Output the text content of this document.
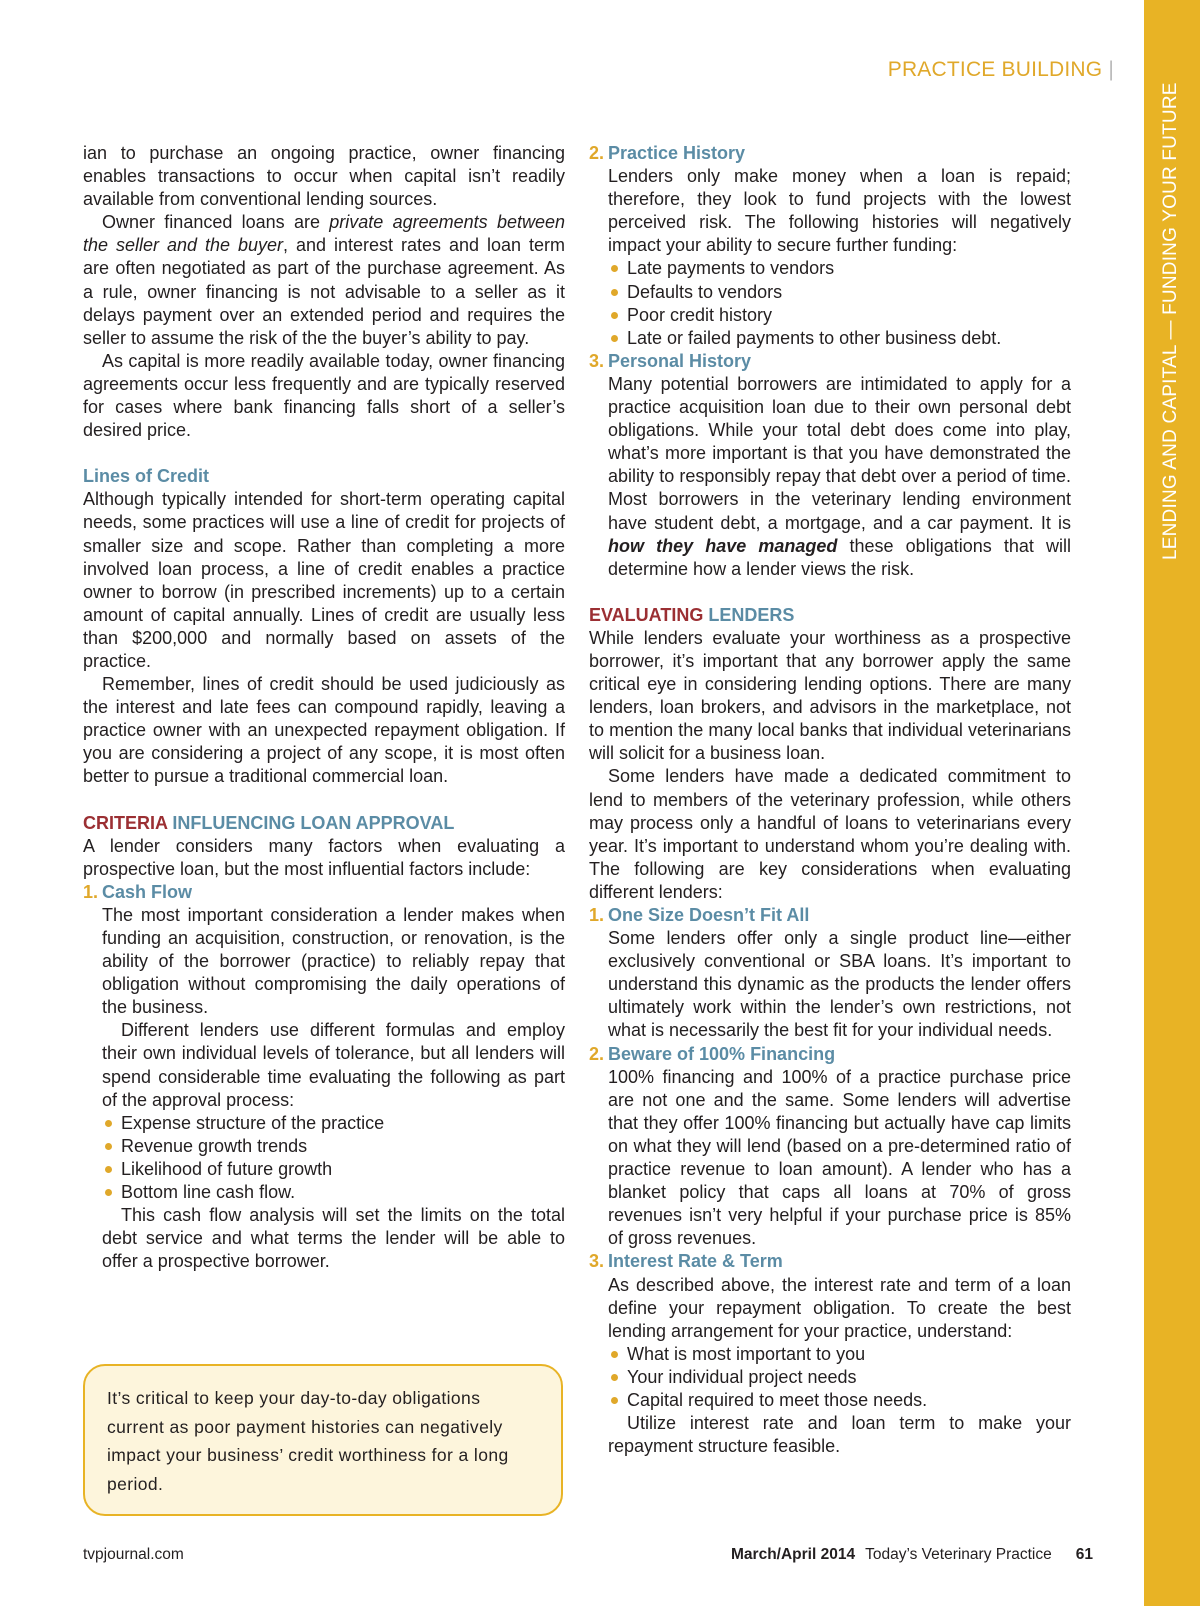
LENDING AND CAPITAL — FUNDING YOUR FUTURE
PRACTICE BUILDING |

ian to purchase an ongoing practice, owner financing enables transactions to occur when capital isn’t readily available from conventional lending sources.

Owner financed loans are private agreements between the seller and the buyer, and interest rates and loan term are often negotiated as part of the purchase agreement. As a rule, owner financing is not advisable to a seller as it delays payment over an extended period and requires the seller to assume the risk of the the buyer’s ability to pay.

As capital is more readily available today, owner financing agreements occur less frequently and are typically reserved for cases where bank financing falls short of a seller’s desired price.

Lines of Credit

Although typically intended for short-term operating capital needs, some practices will use a line of credit for projects of smaller size and scope. Rather than completing a more involved loan process, a line of credit enables a practice owner to borrow (in prescribed increments) up to a certain amount of capital annually. Lines of credit are usually less than $200,000 and normally based on assets of the practice.

Remember, lines of credit should be used judiciously as the interest and late fees can compound rapidly, leaving a practice owner with an unexpected repayment obligation. If you are considering a project of any scope, it is most often better to pursue a traditional commercial loan.

CRITERIA INFLUENCING LOAN APPROVAL

A lender considers many factors when evaluating a prospective loan, but the most influential factors include:

1. Cash Flow

The most important consideration a lender makes when funding an acquisition, construction, or renovation, is the ability of the borrower (practice) to reliably repay that obligation without compromising the daily operations of the business.

Different lenders use different formulas and employ their own individual levels of tolerance, but all lenders will spend considerable time evaluating the following as part of the approval process:

Expense structure of the practice
Revenue growth trends
Likelihood of future growth
Bottom line cash flow.

This cash flow analysis will set the limits on the total debt service and what terms the lender will be able to offer a prospective borrower.

It’s critical to keep your day-to-day obligations current as poor payment histories can negatively impact your business’ credit worthiness for a long period.
2. Practice History

Lenders only make money when a loan is repaid; therefore, they look to fund projects with the lowest perceived risk. The following histories will negatively impact your ability to secure further funding:

Late payments to vendors
Defaults to vendors
Poor credit history
Late or failed payments to other business debt.
3. Personal History

Many potential borrowers are intimidated to apply for a practice acquisition loan due to their own personal debt obligations. While your total debt does come into play, what’s more important is that you have demonstrated the ability to responsibly repay that debt over a period of time. Most borrowers in the veterinary lending environment have student debt, a mortgage, and a car payment. It is how they have managed these obligations that will determine how a lender views the risk.

EVALUATING LENDERS

While lenders evaluate your worthiness as a prospective borrower, it’s important that any borrower apply the same critical eye in considering lending options. There are many lenders, loan brokers, and advisors in the marketplace, not to mention the many local banks that individual veterinarians will solicit for a business loan.

Some lenders have made a dedicated commitment to lend to members of the veterinary profession, while others may process only a handful of loans to veterinarians every year. It’s important to understand whom you’re dealing with. The following are key considerations when evaluating different lenders:

1. One Size Doesn’t Fit All

Some lenders offer only a single product line—either exclusively conventional or SBA loans. It’s important to understand this dynamic as the products the lender offers ultimately work within the lender’s own restrictions, not what is necessarily the best fit for your individual needs.

2. Beware of 100% Financing

100% financing and 100% of a practice purchase price are not one and the same. Some lenders will advertise that they offer 100% financing but actually have cap limits on what they will lend (based on a pre-determined ratio of practice revenue to loan amount). A lender who has a blanket policy that caps all loans at 70% of gross revenues isn’t very helpful if your purchase price is 85% of gross revenues.

3. Interest Rate & Term

As described above, the interest rate and term of a loan define your repayment obligation. To create the best lending arrangement for your practice, understand:

What is most important to you
Your individual project needs
Capital required to meet those needs.

Utilize interest rate and loan term to make your repayment structure feasible.

tvpjournal.com	March/April 2014 Today’s Veterinary Practice 61
